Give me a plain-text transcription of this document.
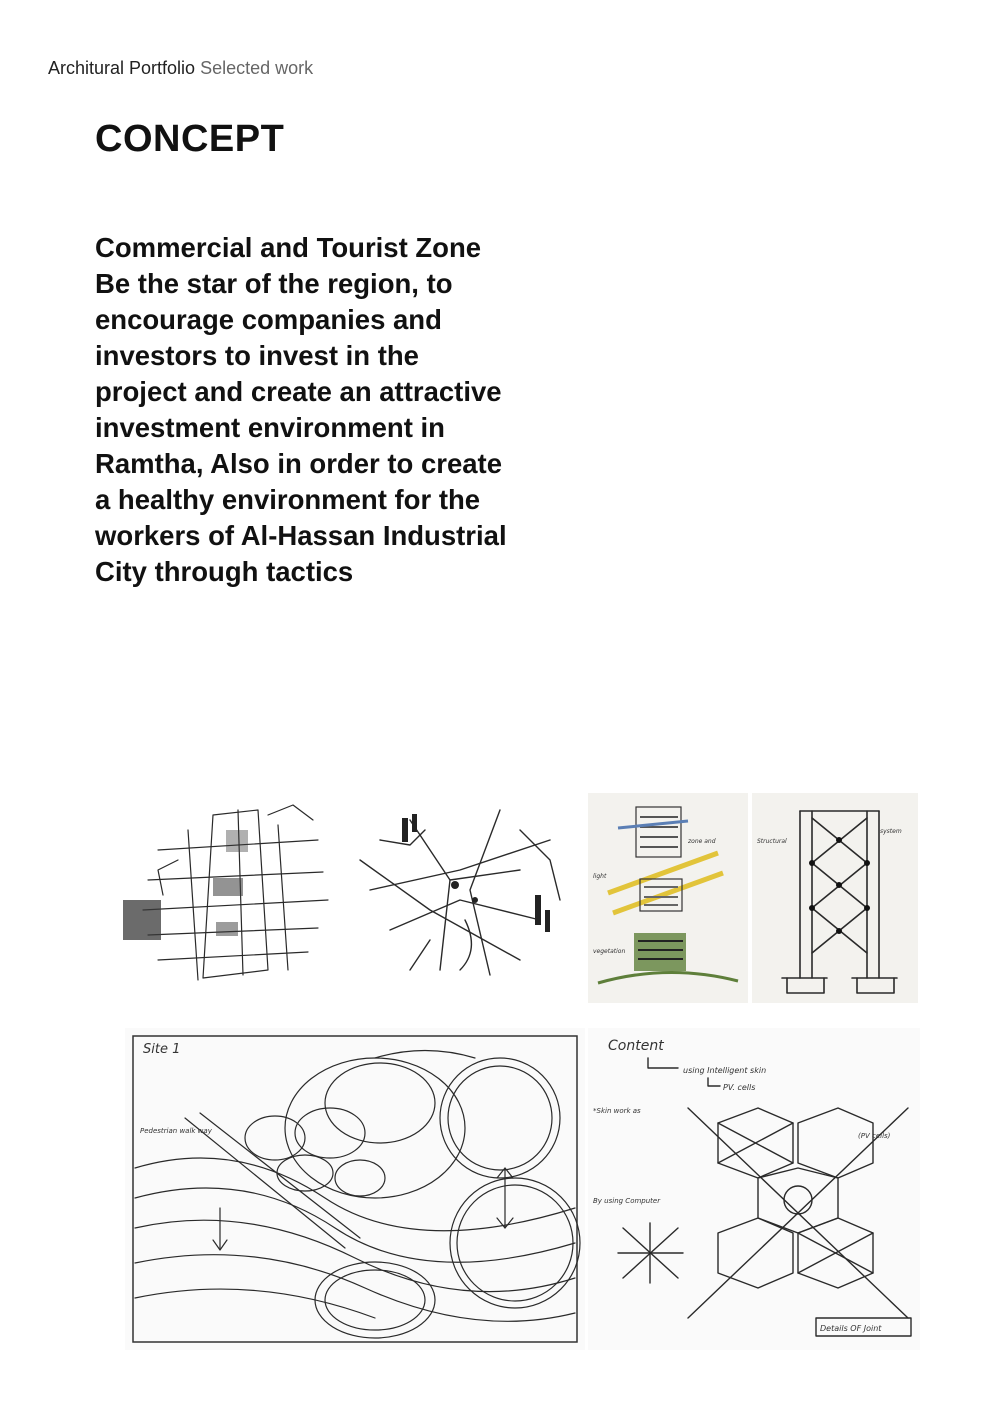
Architural Portfolio Selected work
CONCEPT

Commercial and Tourist Zone Be the star of the region, to encourage companies and investors to invest in the project and create an attractive investment environment in Ramtha, Also in order to create a healthy environment for the workers of Al-Hassan Industrial City through tactics

zone and
light
vegetation
Structural
system
Site 1
Pedestrian walk way
Content
using Intelligent skin
PV. cells
Details OF Joint
*Skin work as
By using Computer
(PV cells)
